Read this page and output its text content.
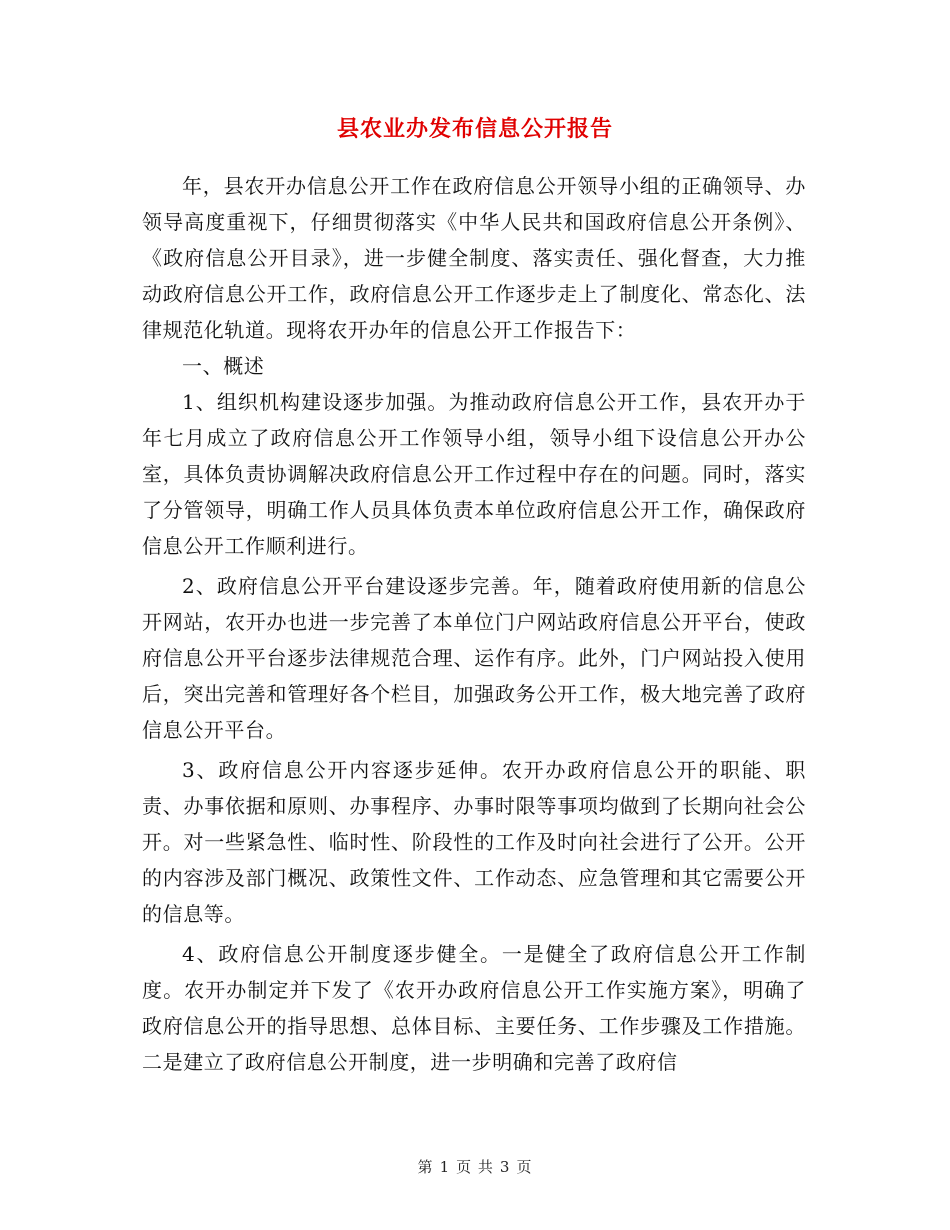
县农业办发布信息公开报告

年，县农开办信息公开工作在政府信息公开领导小组的正确领导、办领导高度重视下，仔细贯彻落实《中华人民共和国政府信息公开条例》、《政府信息公开目录》，进一步健全制度、落实责任、强化督查，大力推动政府信息公开工作，政府信息公开工作逐步走上了制度化、常态化、法律规范化轨道。现将农开办年的信息公开工作报告下：

一、概述

1、组织机构建设逐步加强。为推动政府信息公开工作，县农开办于年七月成立了政府信息公开工作领导小组，领导小组下设信息公开办公室，具体负责协调解决政府信息公开工作过程中存在的问题。同时，落实了分管领导，明确工作人员具体负责本单位政府信息公开工作，确保政府信息公开工作顺利进行。

2、政府信息公开平台建设逐步完善。年，随着政府使用新的信息公开网站，农开办也进一步完善了本单位门户网站政府信息公开平台，使政府信息公开平台逐步法律规范合理、运作有序。此外，门户网站投入使用后，突出完善和管理好各个栏目，加强政务公开工作，极大地完善了政府信息公开平台。

3、政府信息公开内容逐步延伸。农开办政府信息公开的职能、职责、办事依据和原则、办事程序、办事时限等事项均做到了长期向社会公开。对一些紧急性、临时性、阶段性的工作及时向社会进行了公开。公开的内容涉及部门概况、政策性文件、工作动态、应急管理和其它需要公开的信息等。

4、政府信息公开制度逐步健全。一是健全了政府信息公开工作制度。农开办制定并下发了《农开办政府信息公开工作实施方案》，明确了政府信息公开的指导思想、总体目标、主要任务、工作步骤及工作措施。二是建立了政府信息公开制度，进一步明确和完善了政府信

第 1 页 共 3 页
